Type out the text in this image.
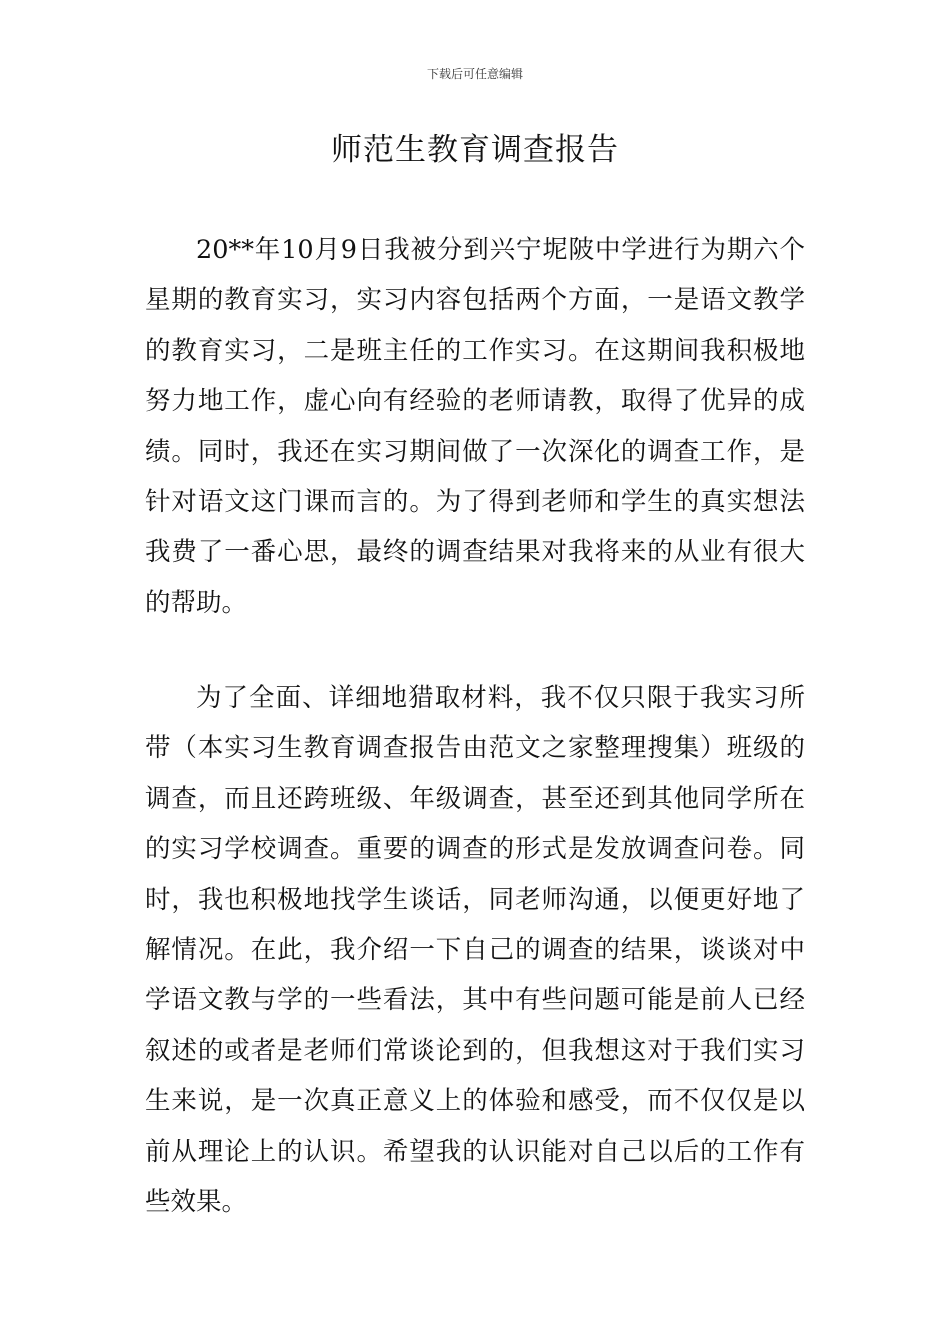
下载后可任意编辑
师范生教育调查报告

20**年10月9日我被分到兴宁坭陂中学进行为期六个星期的教育实习，实习内容包括两个方面，一是语文教学的教育实习，二是班主任的工作实习。在这期间我积极地努力地工作，虚心向有经验的老师请教，取得了优异的成绩。同时，我还在实习期间做了一次深化的调查工作，是针对语文这门课而言的。为了得到老师和学生的真实想法我费了一番心思，最终的调查结果对我将来的从业有很大的帮助。

为了全面、详细地猎取材料，我不仅只限于我实习所带（本实习生教育调查报告由范文之家整理搜集）班级的调查，而且还跨班级、年级调查，甚至还到其他同学所在的实习学校调查。重要的调查的形式是发放调查问卷。同时，我也积极地找学生谈话，同老师沟通，以便更好地了解情况。在此，我介绍一下自己的调查的结果，谈谈对中学语文教与学的一些看法，其中有些问题可能是前人已经叙述的或者是老师们常谈论到的，但我想这对于我们实习生来说，是一次真正意义上的体验和感受，而不仅仅是以前从理论上的认识。希望我的认识能对自己以后的工作有些效果。
